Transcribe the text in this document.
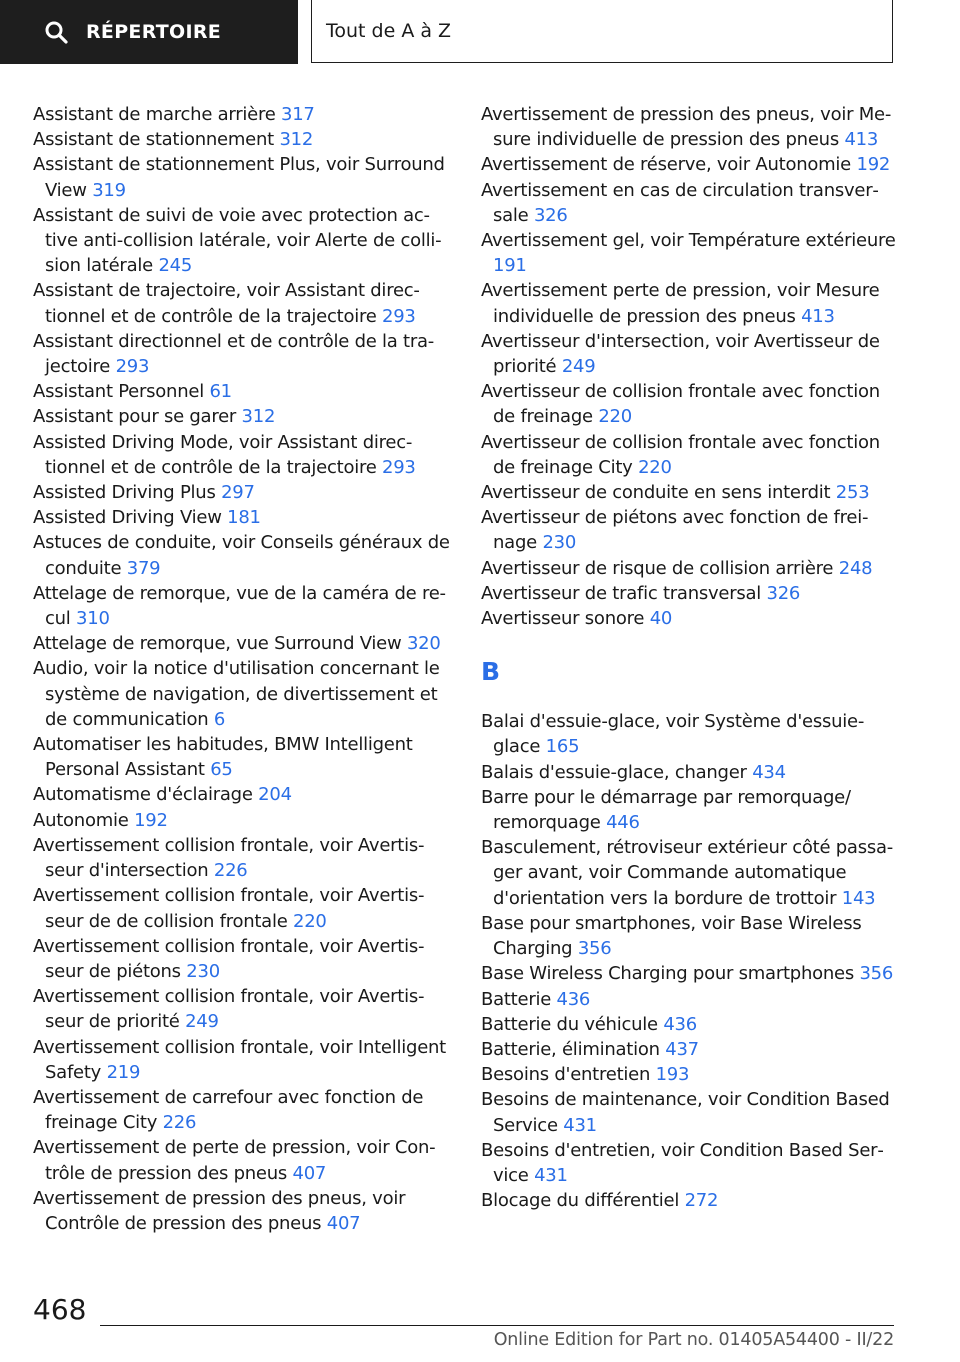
RÉPERTOIRE	Tout de A à Z
Assistant de marche arrière 317
Assistant de stationnement 312
Assistant de stationnement Plus, voir Surround View 319
Assistant de suivi de voie avec protection active anti-collision latérale, voir Alerte de collision latérale 245
Assistant de trajectoire, voir Assistant directionnel et de contrôle de la trajectoire 293
Assistant directionnel et de contrôle de la trajectoire 293
Assistant Personnel 61
Assistant pour se garer 312
Assisted Driving Mode, voir Assistant directionnel et de contrôle de la trajectoire 293
Assisted Driving Plus 297
Assisted Driving View 181
Astuces de conduite, voir Conseils généraux de conduite 379
Attelage de remorque, vue de la caméra de recul 310
Attelage de remorque, vue Surround View 320
Audio, voir la notice d'utilisation concernant le système de navigation, de divertissement et de communication 6
Automatiser les habitudes, BMW Intelligent Personal Assistant 65
Automatisme d'éclairage 204
Autonomie 192
Avertissement collision frontale, voir Avertisseur d'intersection 226
Avertissement collision frontale, voir Avertisseur de de collision frontale 220
Avertissement collision frontale, voir Avertisseur de piétons 230
Avertissement collision frontale, voir Avertisseur de priorité 249
Avertissement collision frontale, voir Intelligent Safety 219
Avertissement de carrefour avec fonction de freinage City 226
Avertissement de perte de pression, voir Contrôle de pression des pneus 407
Avertissement de pression des pneus, voir Contrôle de pression des pneus 407
Avertissement de pression des pneus, voir Mesure individuelle de pression des pneus 413
Avertissement de réserve, voir Autonomie 192
Avertissement en cas de circulation transversale 326
Avertissement gel, voir Température extérieure 191
Avertissement perte de pression, voir Mesure individuelle de pression des pneus 413
Avertisseur d'intersection, voir Avertisseur de priorité 249
Avertisseur de collision frontale avec fonction de freinage 220
Avertisseur de collision frontale avec fonction de freinage City 220
Avertisseur de conduite en sens interdit 253
Avertisseur de piétons avec fonction de freinage 230
Avertisseur de risque de collision arrière 248
Avertisseur de trafic transversal 326
Avertisseur sonore 40
B
Balai d'essuie-glace, voir Système d'essuie-glace 165
Balais d'essuie-glace, changer 434
Barre pour le démarrage par remorquage/ remorquage 446
Basculement, rétroviseur extérieur côté passager avant, voir Commande automatique d'orientation vers la bordure de trottoir 143
Base pour smartphones, voir Base Wireless Charging 356
Base Wireless Charging pour smartphones 356
Batterie 436
Batterie du véhicule 436
Batterie, élimination 437
Besoins d'entretien 193
Besoins de maintenance, voir Condition Based Service 431
Besoins d'entretien, voir Condition Based Service 431
Blocage du différentiel 272
468
Online Edition for Part no. 01405A54400 - II/22
